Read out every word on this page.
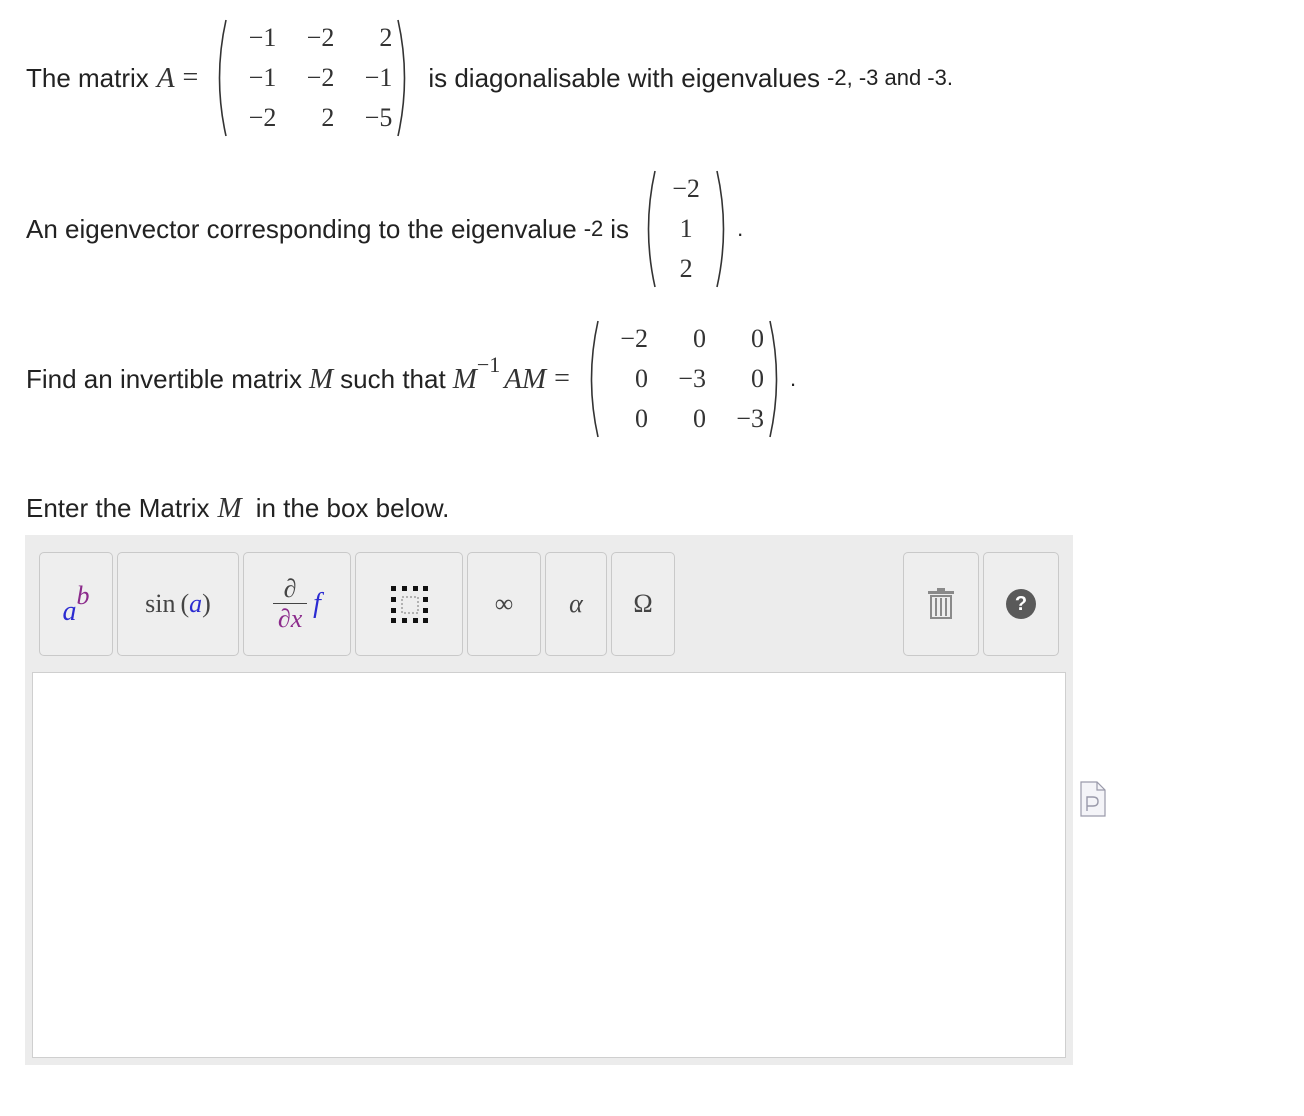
The matrix A =
−1	−2	2
−1	−2	−1
−2	2	−5
is diagonalisable with eigenvalues -2, -3 and -3.
An eigenvector corresponding to the eigenvalue -2 is
−2
1
2
.
Find an invertible matrix M such that M −1 AM =
−2	0	0
0	−3	0
0	0	−3
.
Enter the Matrix M in the box below.
a
b sin ( a )
∂
∂x f	∞ α Ω	?
